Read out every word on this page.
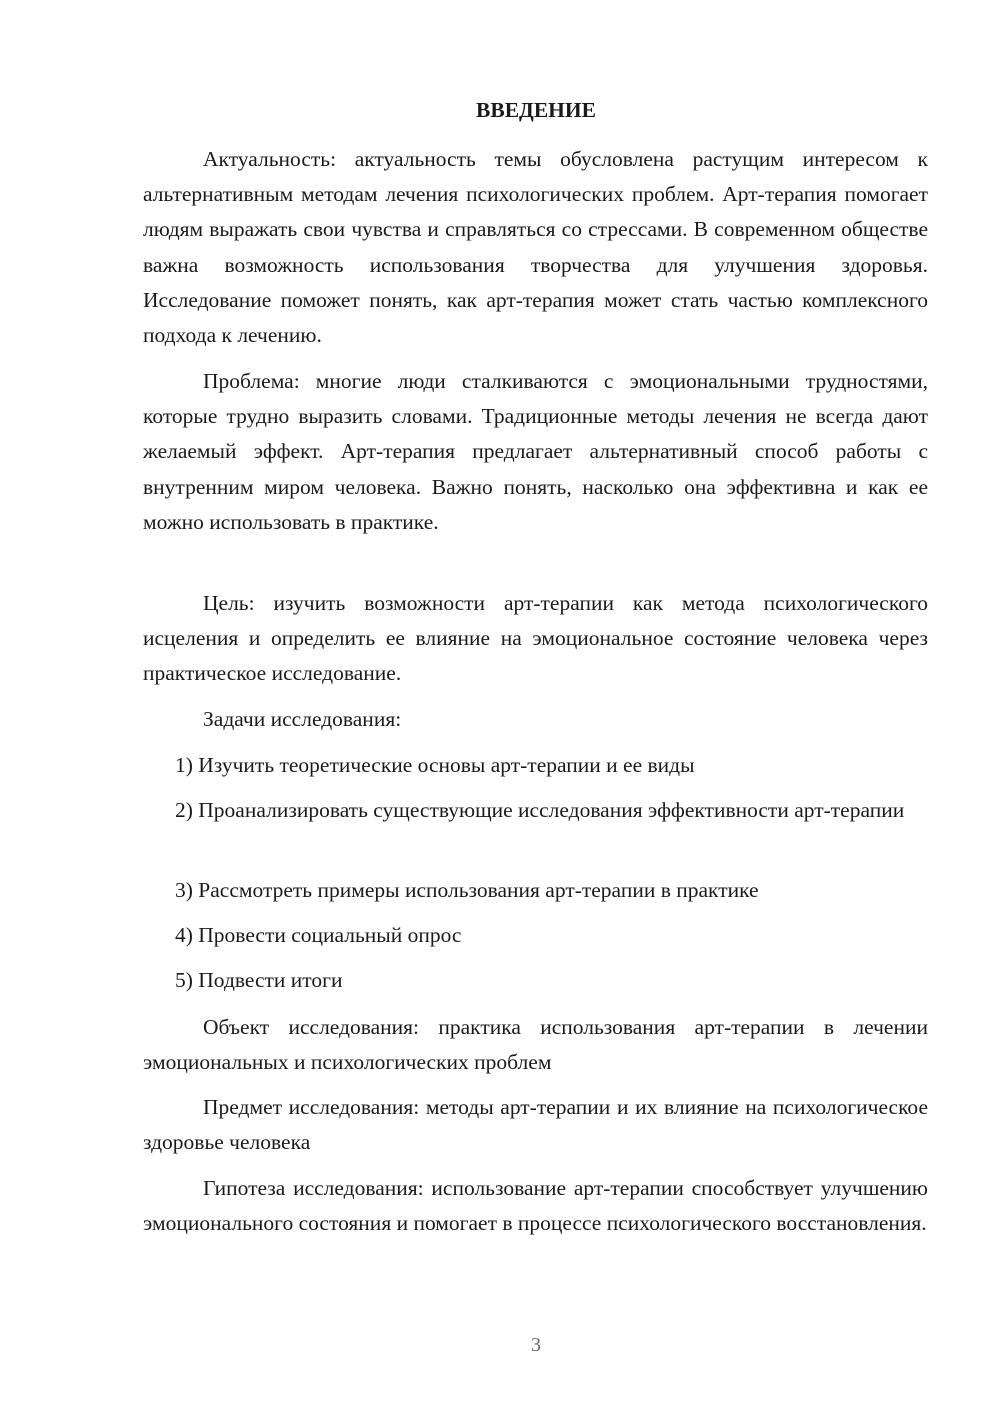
ВВЕДЕНИЕ

Актуальность: актуальность темы обусловлена растущим интересом к альтернативным методам лечения психологических проблем. Арт-терапия помогает людям выражать свои чувства и справляться со стрессами. В современном обществе важна возможность использования творчества для улучшения здоровья. Исследование поможет понять, как арт-терапия может стать частью комплексного подхода к лечению.

Проблема: многие люди сталкиваются с эмоциональными трудностями, которые трудно выразить словами. Традиционные методы лечения не всегда дают желаемый эффект. Арт-терапия предлагает альтернативный способ работы с внутренним миром человека. Важно понять, насколько она эффективна и как ее можно использовать в практике.

Цель: изучить возможности арт-терапии как метода психологического исцеления и определить ее влияние на эмоциональное состояние человека через практическое исследование.

Задачи исследования:

1) Изучить теоретические основы арт-терапии и ее виды

2) Проанализировать существующие исследования эффективности арт-терапии

3) Рассмотреть примеры использования арт-терапии в практике

4) Провести социальный опрос

5) Подвести итоги

Объект исследования: практика использования арт-терапии в лечении эмоциональных и психологических проблем

Предмет исследования: методы арт-терапии и их влияние на психологическое здоровье человека

Гипотеза исследования: использование арт-терапии способствует улучшению эмоционального состояния и помогает в процессе психологического восстановления.

3
